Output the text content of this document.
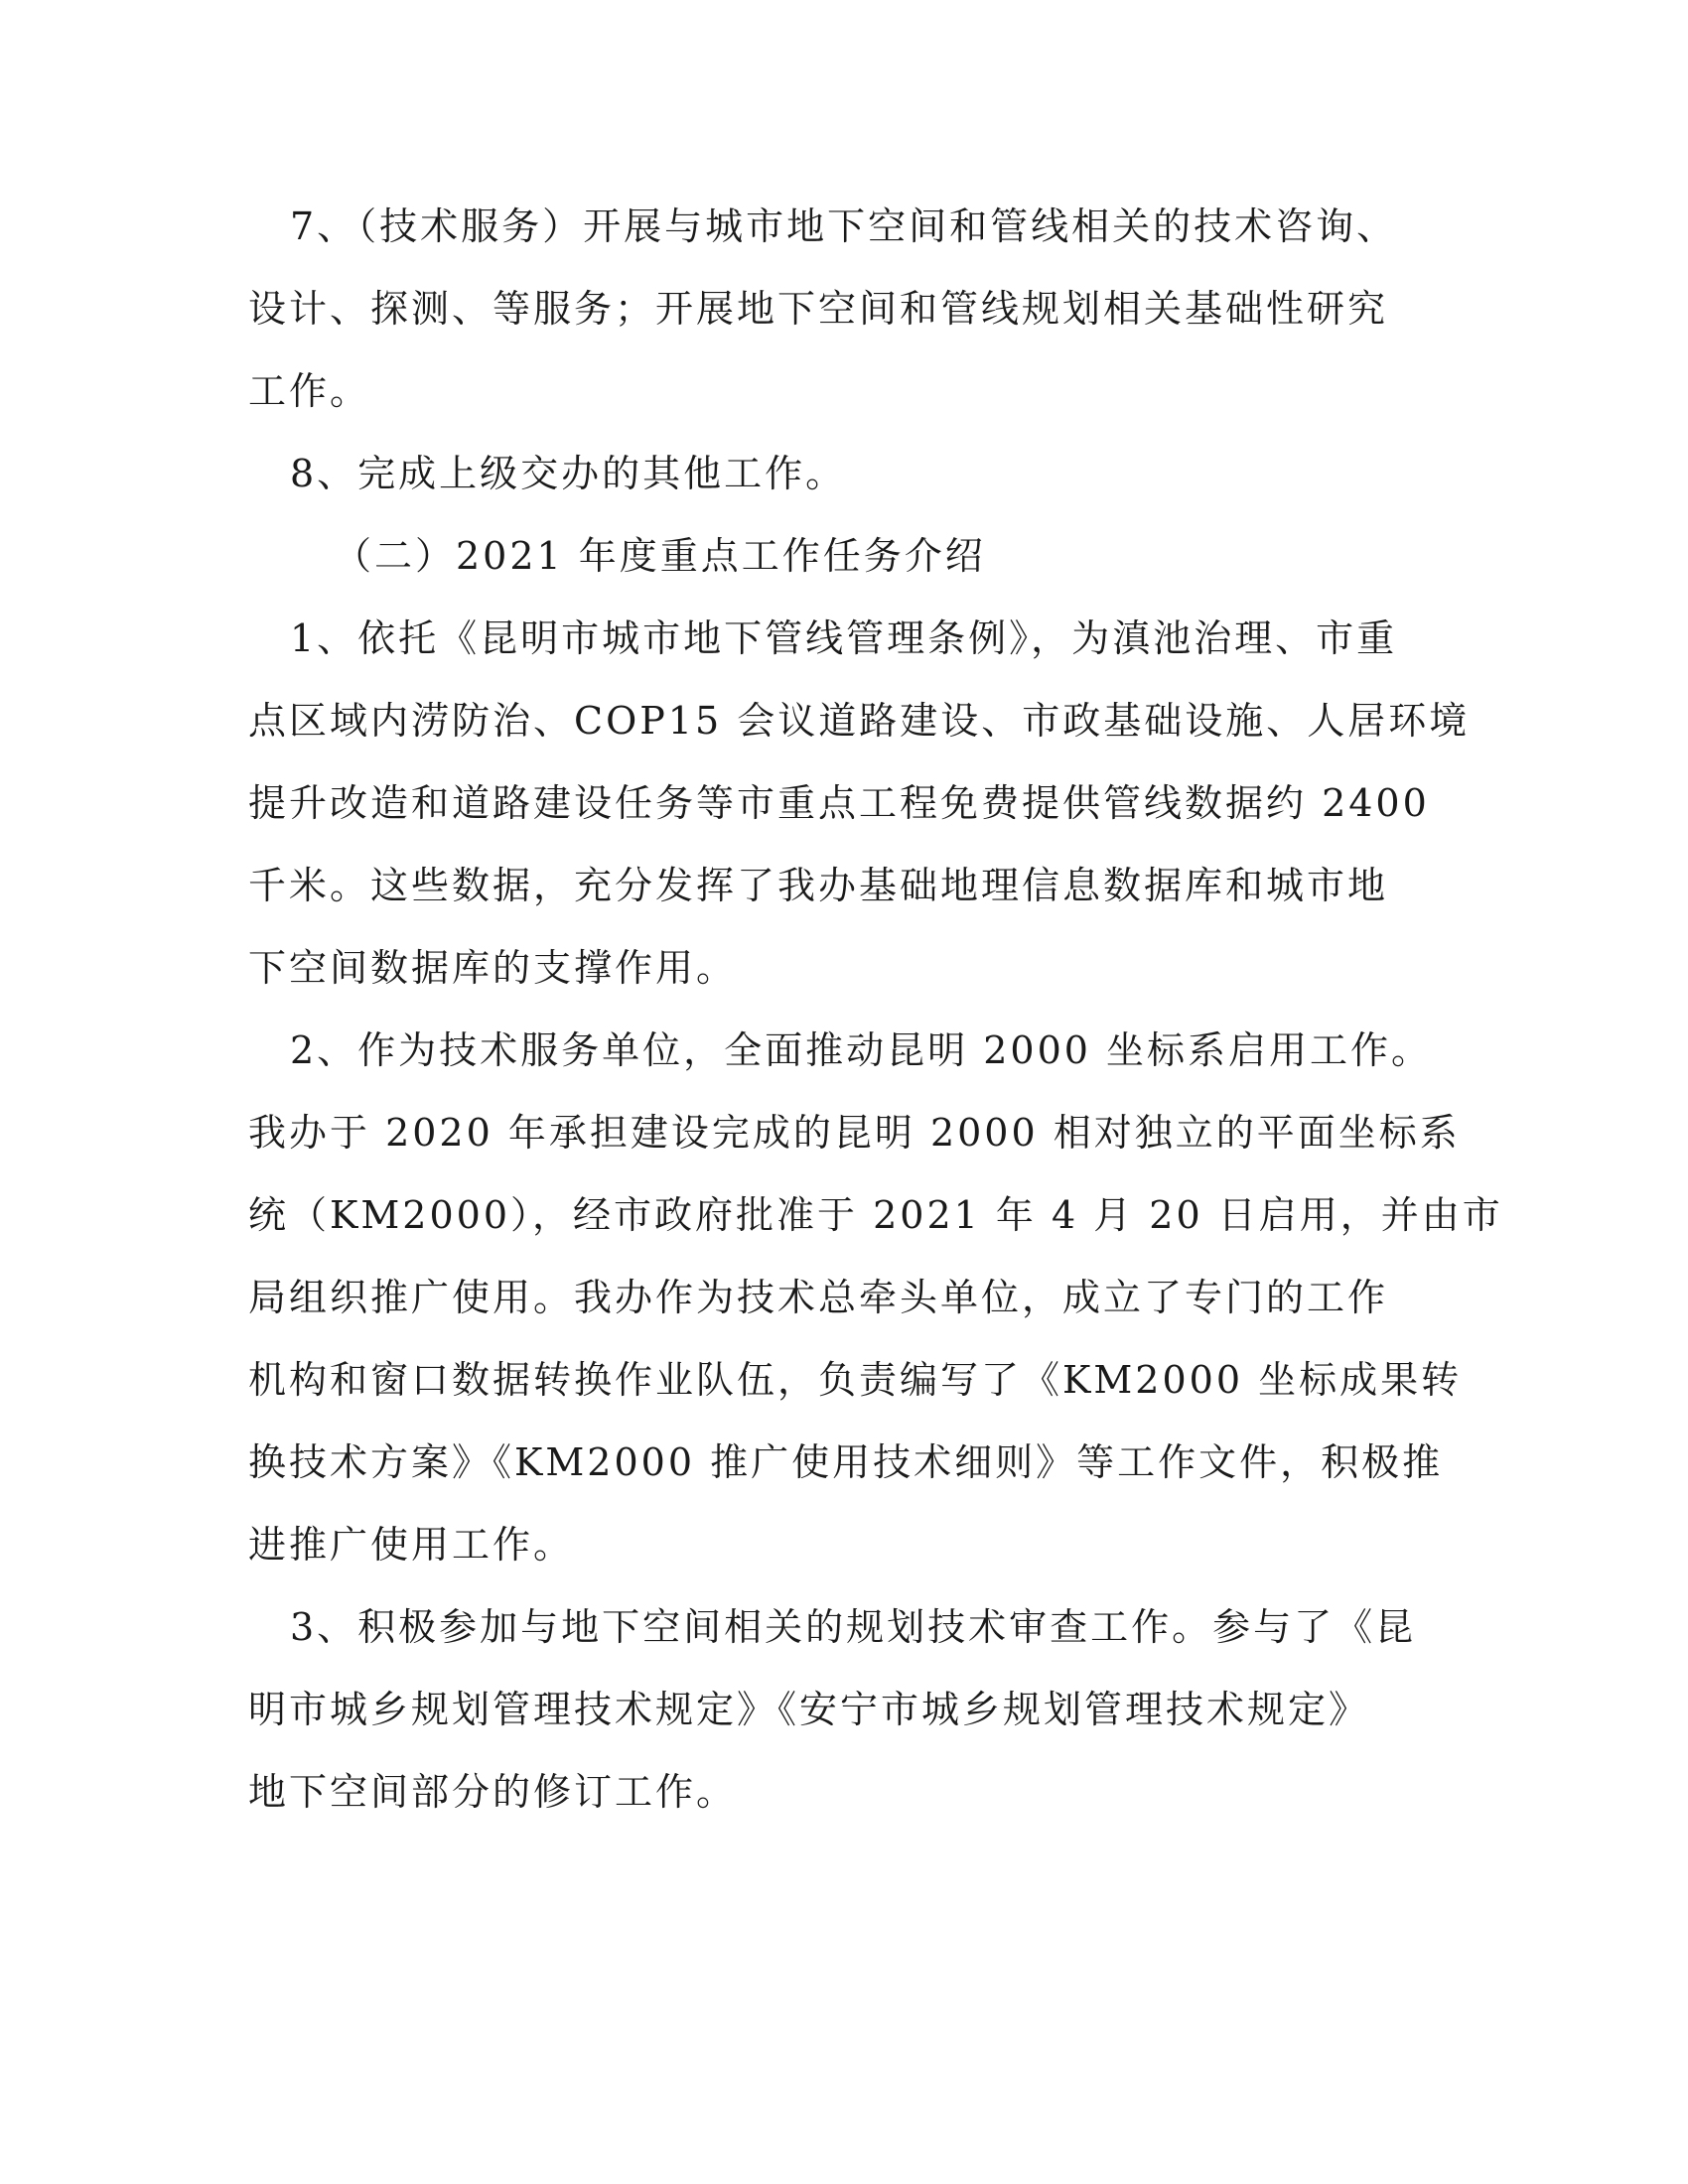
7、（技术服务）开展与城市地下空间和管线相关的技术咨询、
设计、探测、等服务；开展地下空间和管线规划相关基础性研究
工作。
8、完成上级交办的其他工作。
（二）2021 年度重点工作任务介绍
1、依托《昆明市城市地下管线管理条例》，为滇池治理、市重
点区域内涝防治、COP15 会议道路建设、市政基础设施、人居环境
提升改造和道路建设任务等市重点工程免费提供管线数据约 2400
千米。这些数据，充分发挥了我办基础地理信息数据库和城市地
下空间数据库的支撑作用。
2、作为技术服务单位，全面推动昆明 2000 坐标系启用工作。
我办于 2020 年承担建设完成的昆明 2000 相对独立的平面坐标系
统（KM2000），经市政府批准于 2021 年 4 月 20 日启用，并由市
局组织推广使用。我办作为技术总牵头单位，成立了专门的工作
机构和窗口数据转换作业队伍，负责编写了《KM2000 坐标成果转
换技术方案》《KM2000 推广使用技术细则》等工作文件，积极推
进推广使用工作。
3、积极参加与地下空间相关的规划技术审查工作。参与了《昆
明市城乡规划管理技术规定》《安宁市城乡规划管理技术规定》
地下空间部分的修订工作。
